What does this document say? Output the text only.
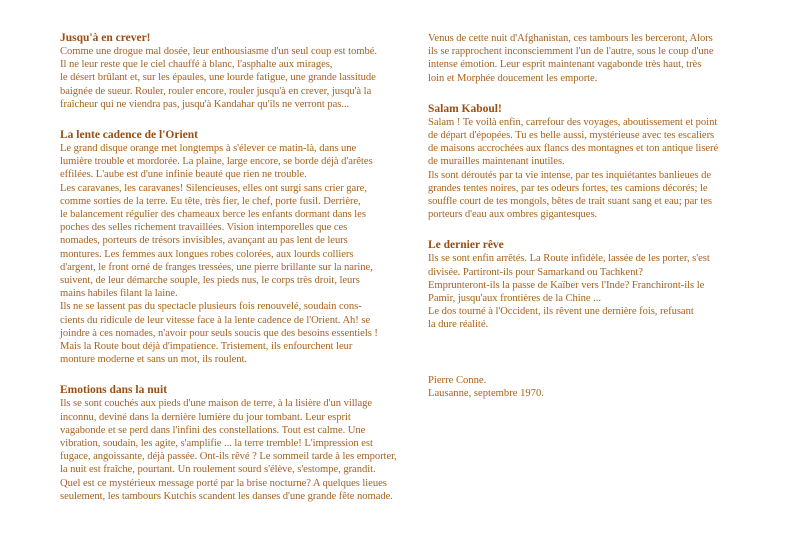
Jusqu'à en crever!

Comme une drogue mal dosée, leur enthousiasme d'un seul coup est tombé.
Il ne leur reste que le ciel chauffé à blanc, l'asphalte aux mirages,
le désert brûlant et, sur les épaules, une lourde fatigue, une grande lassitude
baignée de sueur. Rouler, rouler encore, rouler jusqu'à en crever, jusqu'à la
fraîcheur qui ne viendra pas, jusqu'à Kandahar qu'ils ne verront pas...

La lente cadence de l'Orient

Le grand disque orange met longtemps à s'élever ce matin-là, dans une
lumière trouble et mordorée. La plaine, large encore, se borde déjà d'arêtes
effilées. L'aube est d'une infinie beauté que rien ne trouble.
Les caravanes, les caravanes! Silencieuses, elles ont surgi sans crier gare,
comme sorties de la terre. Eu tête, très fier, le chef, porte fusil. Derrière,
le balancement régulier des chameaux berce les enfants dormant dans les
poches des selles richement travaillées. Vision intemporelles que ces
nomades, porteurs de trésors invisibles, avançant au pas lent de leurs
montures. Les femmes aux longues robes colorées, aux lourds colliers
d'argent, le front orné de franges tressées, une pierre brillante sur la narine,
suivent, de leur démarche souple, les pieds nus, le corps très droit, leurs
mains habiles filant la laine.
Ils ne se lassent pas du spectacle plusieurs fois renouvelé, soudain cons-
cients du ridicule de leur vitesse face à la lente cadence de l'Orient. Ah! se
joindre à ces nomades, n'avoir pour seuls soucis que des besoins essentiels !
Mais la Route bout déjà d'impatience. Tristement, ils enfourchent leur
monture moderne et sans un mot, ils roulent.

Emotions dans la nuit

Ils se sont couchés aux pieds d'une maison de terre, à la lisière d'un village
inconnu, deviné dans la dernière lumière du jour tombant. Leur esprit
vagabonde et se perd dans l'infini des constellations. Tout est calme. Une
vibration, soudain, les agite, s'amplifie ... la terre tremble! L'impression est
fugace, angoissante, déjà passée. Ont-ils rêvé ? Le sommeil tarde à les emporter,
la nuit est fraîche, pourtant. Un roulement sourd s'élève, s'estompe, grandit.
Quel est ce mystérieux message porté par la brise nocturne? A quelques lieues
seulement, les tambours Kutchis scandent les danses d'une grande fête nomade.

Venus de cette nuit d'Afghanistan, ces tambours les berceront, Alors
ils se rapprochent inconsciemment l'un de l'autre, sous le coup d'une
intense émotion. Leur esprit maintenant vagabonde très haut, très
loin et Morphée doucement les emporte.

Salam Kaboul!

Salam ! Te voilà enfin, carrefour des voyages, aboutissement et point
de départ d'épopées. Tu es belle aussi, mystérieuse avec tes escaliers
de maisons accrochées aux flancs des montagnes et ton antique liseré
de murailles maintenant inutiles.
Ils sont déroutés par ta vie intense, par tes inquiétantes banlieues de
grandes tentes noires, par tes odeurs fortes, tes camions décorés; le
souffle court de tes mongols, bêtes de trait suant sang et eau; par tes
porteurs d'eau aux ombres gigantesques.

Le dernier rêve

Ils se sont enfin arrêtés. La Route infidèle, lassée de les porter, s'est
divisée. Partiront-ils pour Samarkand ou Tachkent?
Emprunteront-ils la passe de Kaïber vers l'Inde? Franchiront-ils le
Pamir, jusqu'aux frontières de la Chine ...
Le dos tourné à l'Occident, ils rêvent une dernière fois, refusant
la dure réalité.

Pierre Conne.

Lausanne, septembre 1970.
